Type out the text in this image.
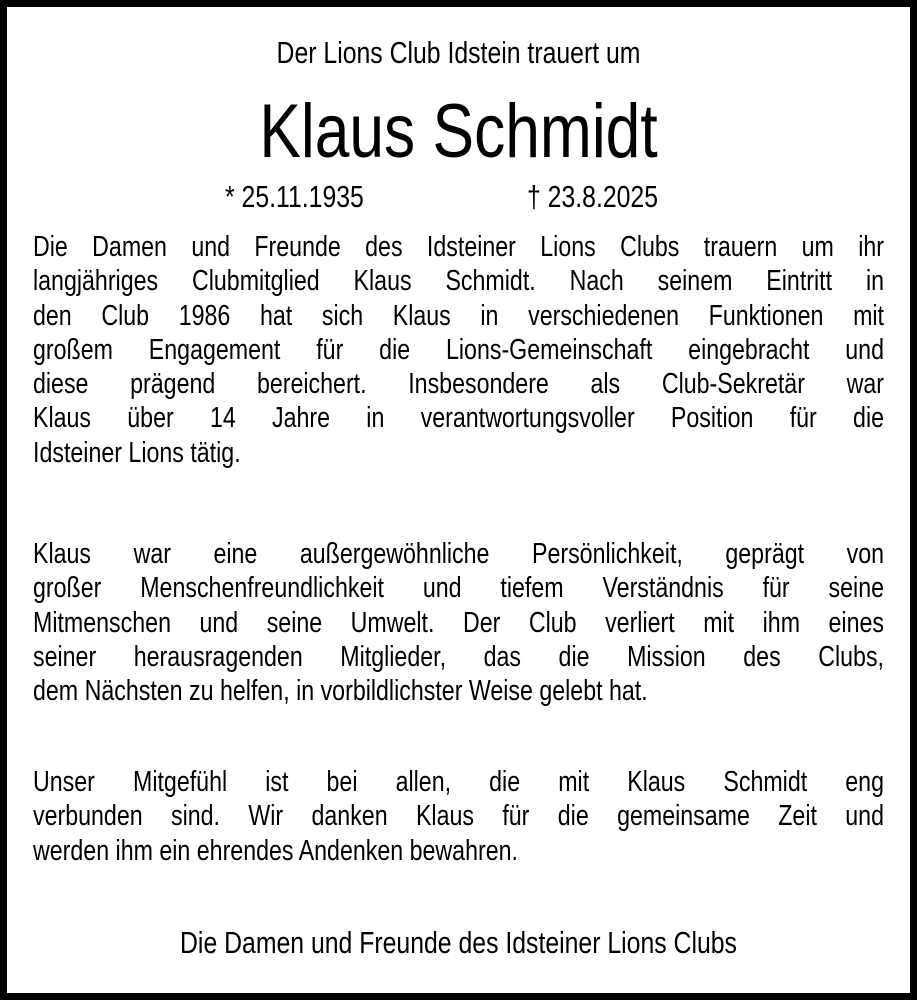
Der Lions Club Idstein trauert um
Klaus Schmidt
* 25.11.1935	† 23.8.2025
Die Damen und Freunde des Idsteiner Lions Clubs trauern um ihr
langjähriges Clubmitglied Klaus Schmidt. Nach seinem Eintritt in
den Club 1986 hat sich Klaus in verschiedenen Funktionen mit
großem Engagement für die Lions-Gemeinschaft eingebracht und
diese prägend bereichert. Insbesondere als Club-Sekretär war
Klaus über 14 Jahre in verantwortungsvoller Position für die
Idsteiner Lions tätig.
Klaus war eine außergewöhnliche Persönlichkeit, geprägt von
großer Menschenfreundlichkeit und tiefem Verständnis für seine
Mitmenschen und seine Umwelt. Der Club verliert mit ihm eines
seiner herausragenden Mitglieder, das die Mission des Clubs,
dem Nächsten zu helfen, in vorbildlichster Weise gelebt hat.
Unser Mitgefühl ist bei allen, die mit Klaus Schmidt eng
verbunden sind. Wir danken Klaus für die gemeinsame Zeit und
werden ihm ein ehrendes Andenken bewahren.
Die Damen und Freunde des Idsteiner Lions Clubs
